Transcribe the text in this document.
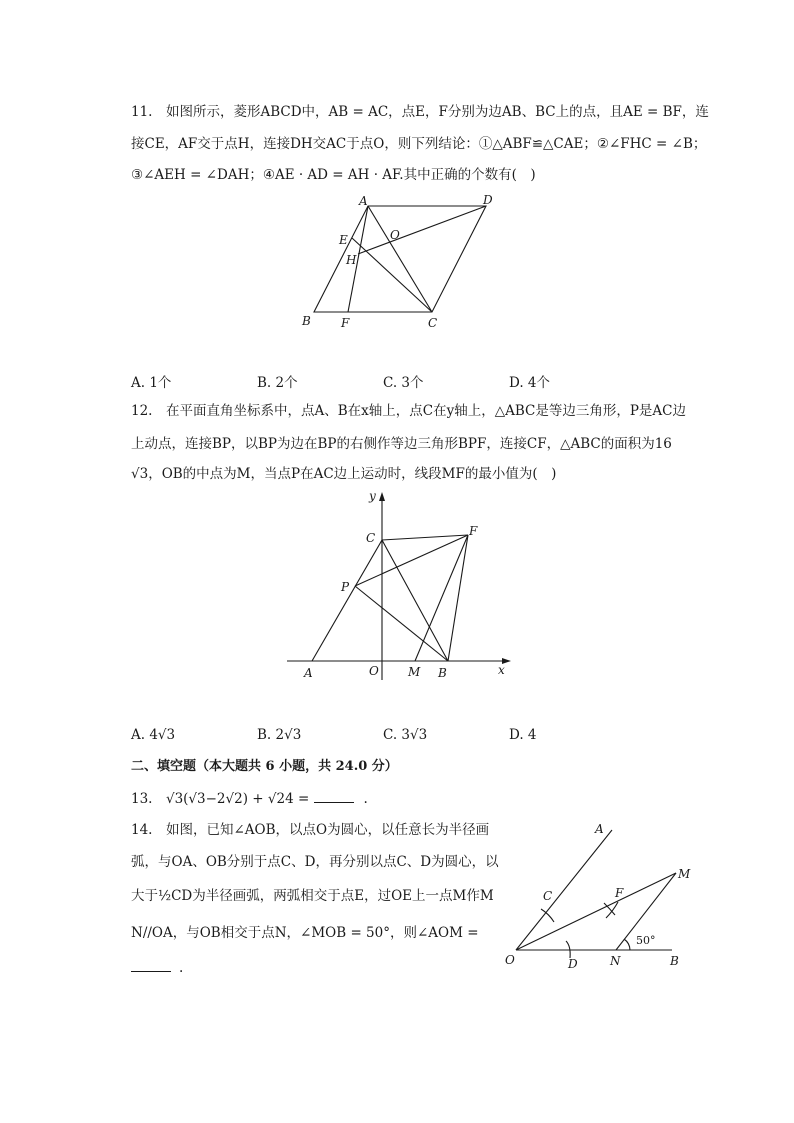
11.　如图所示，菱形ABCD中，AB = AC，点E，F分别为边AB、BC上的点，且AE = BF，连
接CE，AF交于点H，连接DH交AC于点O，则下列结论：①△ABF≌△CAE；②∠FHC = ∠B；
③∠AEH = ∠DAH；④AE · AD = AH · AF.其中正确的个数有(　)
A	D
E	O
H
B	F	C
A. 1个	B. 2个	C. 3个	D. 4个
12.　在平面直角坐标系中，点A、B在x轴上，点C在y轴上，△ABC是等边三角形，P是AC边
上动点，连接BP，以BP为边在BP的右侧作等边三角形BPF，连接CF，△ABC的面积为16
√3，OB的中点为M，当点P在AC边上运动时，线段MF的最小值为(　)
y
x
C	F
P
A	O M B
A. 4√3	B. 2√3	C. 3√3	D. 4
二、填空题（本大题共 6 小题，共 24.0 分）
13.　√3(√3−2√2) + √24 =	.
14.　如图，已知∠AOB，以点O为圆心，以任意长为半径画
弧，与OA、OB分别于点C、D，再分别以点C、D为圆心，以
大于½CD为半径画弧，两弧相交于点E，过OE上一点M作M
N//OA，与OB相交于点N，∠MOB = 50°，则∠AOM =
.
A
C	F
M
O	D	N	B
50°
